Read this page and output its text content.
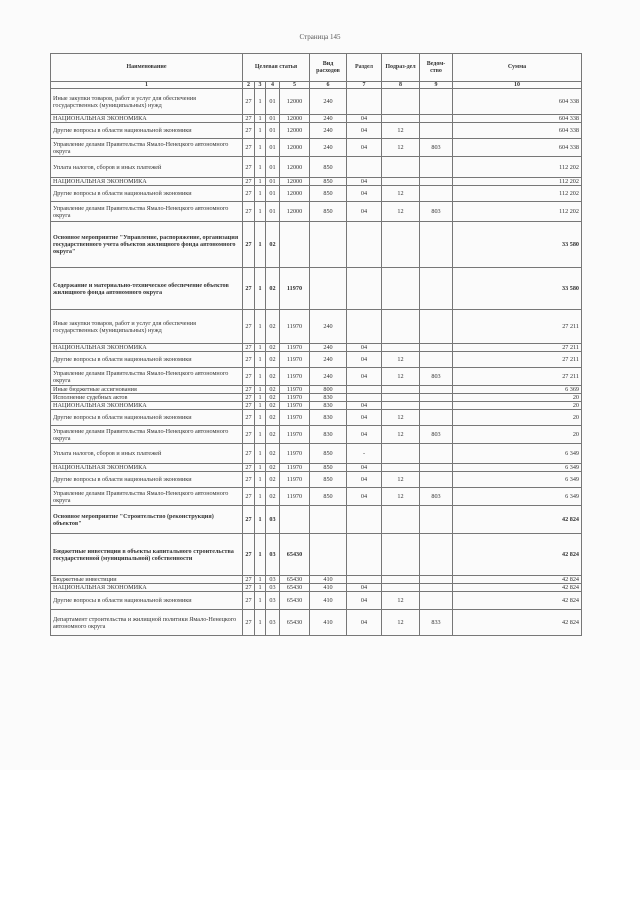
Страница 145
Наименование	Целевая статья				Вид расходов	Раздел	Подраз-дел	Ведом-ство	Сумма
1	2	3	4	5	6	7	8	9	10
Иные закупки товаров, работ и услуг для обеспечения государственных (муниципальных) нужд	27	1	01	12000	240				604 338
НАЦИОНАЛЬНАЯ ЭКОНОМИКА	27	1	01	12000	240	04			604 338
Другие вопросы в области национальной экономики	27	1	01	12000	240	04	12		604 338
Управление делами Правительства Ямало-Ненецкого автономного округа	27	1	01	12000	240	04	12	803	604 338
Уплата налогов, сборов и иных платежей	27	1	01	12000	850				112 202
НАЦИОНАЛЬНАЯ ЭКОНОМИКА	27	1	01	12000	850	04			112 202
Другие вопросы в области национальной экономики	27	1	01	12000	850	04	12		112 202
Управление делами Правительства Ямало-Ненецкого автономного округа	27	1	01	12000	850	04	12	803	112 202
Основное мероприятие "Управление, распоряжение, организация государственного учета объектов жилищного фонда автономного округа"	27	1	02						33 580
Содержание и материально-техническое обеспечение объектов жилищного фонда автономного округа	27	1	02	11970					33 580
Иные закупки товаров, работ и услуг для обеспечения государственных (муниципальных) нужд	27	1	02	11970	240				27 211
НАЦИОНАЛЬНАЯ ЭКОНОМИКА	27	1	02	11970	240	04			27 211
Другие вопросы в области национальной экономики	27	1	02	11970	240	04	12		27 211
Управление делами Правительства Ямало-Ненецкого автономного округа	27	1	02	11970	240	04	12	803	27 211
Иные бюджетные ассигнования	27	1	02	11970	800				6 369
Исполнение судебных актов	27	1	02	11970	830				20
НАЦИОНАЛЬНАЯ ЭКОНОМИКА	27	1	02	11970	830	04			20
Другие вопросы в области национальной экономики	27	1	02	11970	830	04	12		20
Управление делами Правительства Ямало-Ненецкого автономного округа	27	1	02	11970	830	04	12	803	20
Уплата налогов, сборов и иных платежей	27	1	02	11970	850	-			6 349
НАЦИОНАЛЬНАЯ ЭКОНОМИКА	27	1	02	11970	850	04			6 349
Другие вопросы в области национальной экономики	27	1	02	11970	850	04	12		6 349
Управление делами Правительства Ямало-Ненецкого автономного округа	27	1	02	11970	850	04	12	803	6 349
Основное мероприятие "Строительство (реконструкция) объектов"	27	1	03						42 824
Бюджетные инвестиции в объекты капитального строительства государственной (муниципальной) собственности	27	1	03	65430					42 824
Бюджетные инвестиции	27	1	03	65430	410				42 824
НАЦИОНАЛЬНАЯ ЭКОНОМИКА	27	1	03	65430	410	04			42 824
Другие вопросы в области национальной экономики	27	1	03	65430	410	04	12		42 824
Департамент строительства и жилищной политики Ямало-Ненецкого автономного округа	27	1	03	65430	410	04	12	833	42 824
